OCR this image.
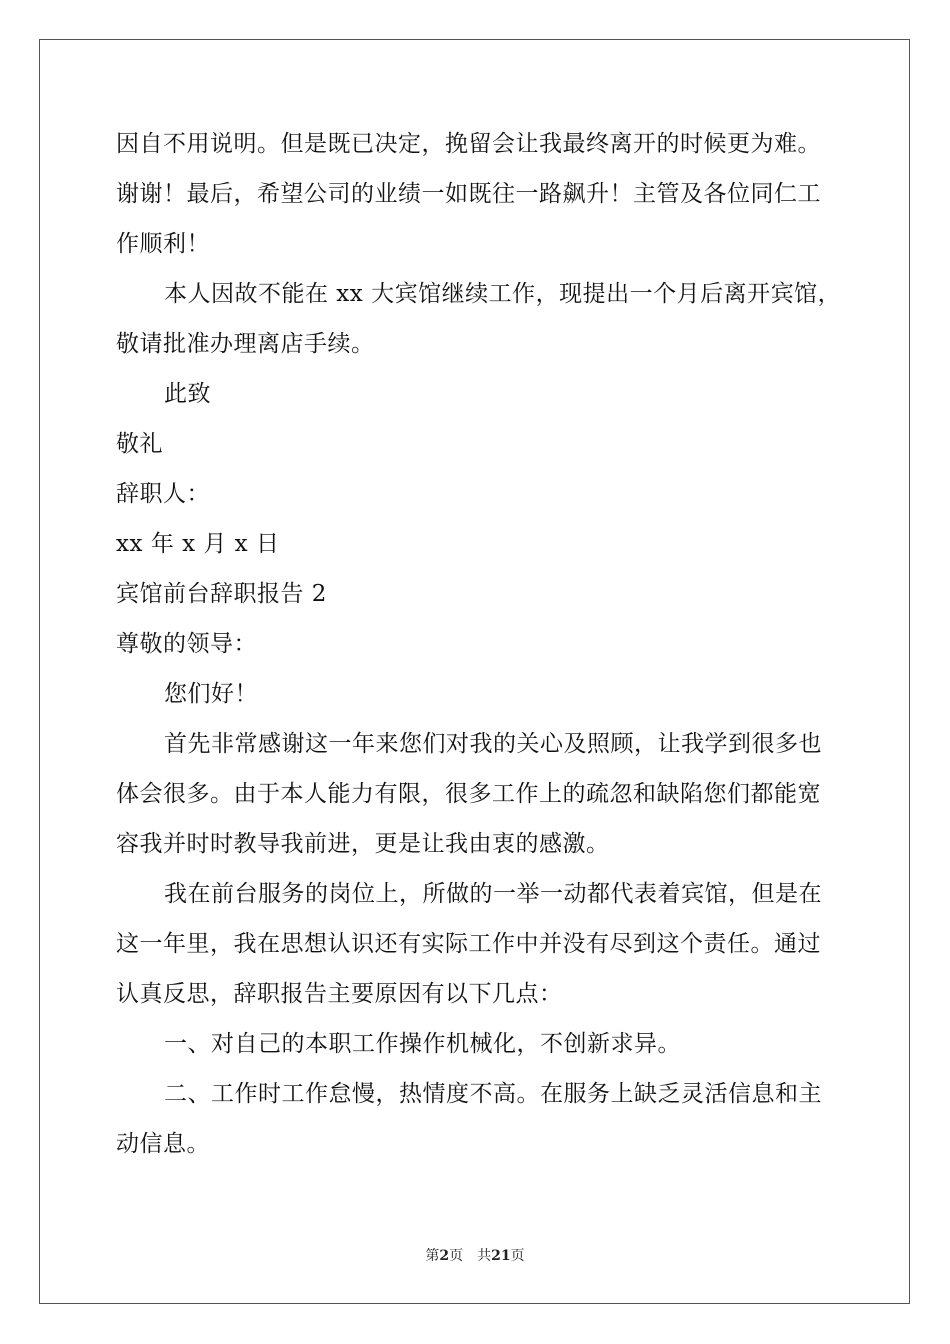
因自不用说明。但是既已决定，挽留会让我最终离开的时候更为难。
谢谢！最后，希望公司的业绩一如既往一路飙升！主管及各位同仁工
作顺利！
本人因故不能在 xx 大宾馆继续工作，现提出一个月后离开宾馆，
敬请批准办理离店手续。
此致
敬礼
辞职人：
xx 年 x 月 x 日
宾馆前台辞职报告 2
尊敬的领导：
您们好！
首先非常感谢这一年来您们对我的关心及照顾，让我学到很多也
体会很多。由于本人能力有限，很多工作上的疏忽和缺陷您们都能宽
容我并时时教导我前进，更是让我由衷的感激。
我在前台服务的岗位上，所做的一举一动都代表着宾馆，但是在
这一年里，我在思想认识还有实际工作中并没有尽到这个责任。通过
认真反思，辞职报告主要原因有以下几点：
一、对自己的本职工作操作机械化，不创新求异。
二、工作时工作怠慢，热情度不高。在服务上缺乏灵活信息和主
动信息。
第2页 共21页
